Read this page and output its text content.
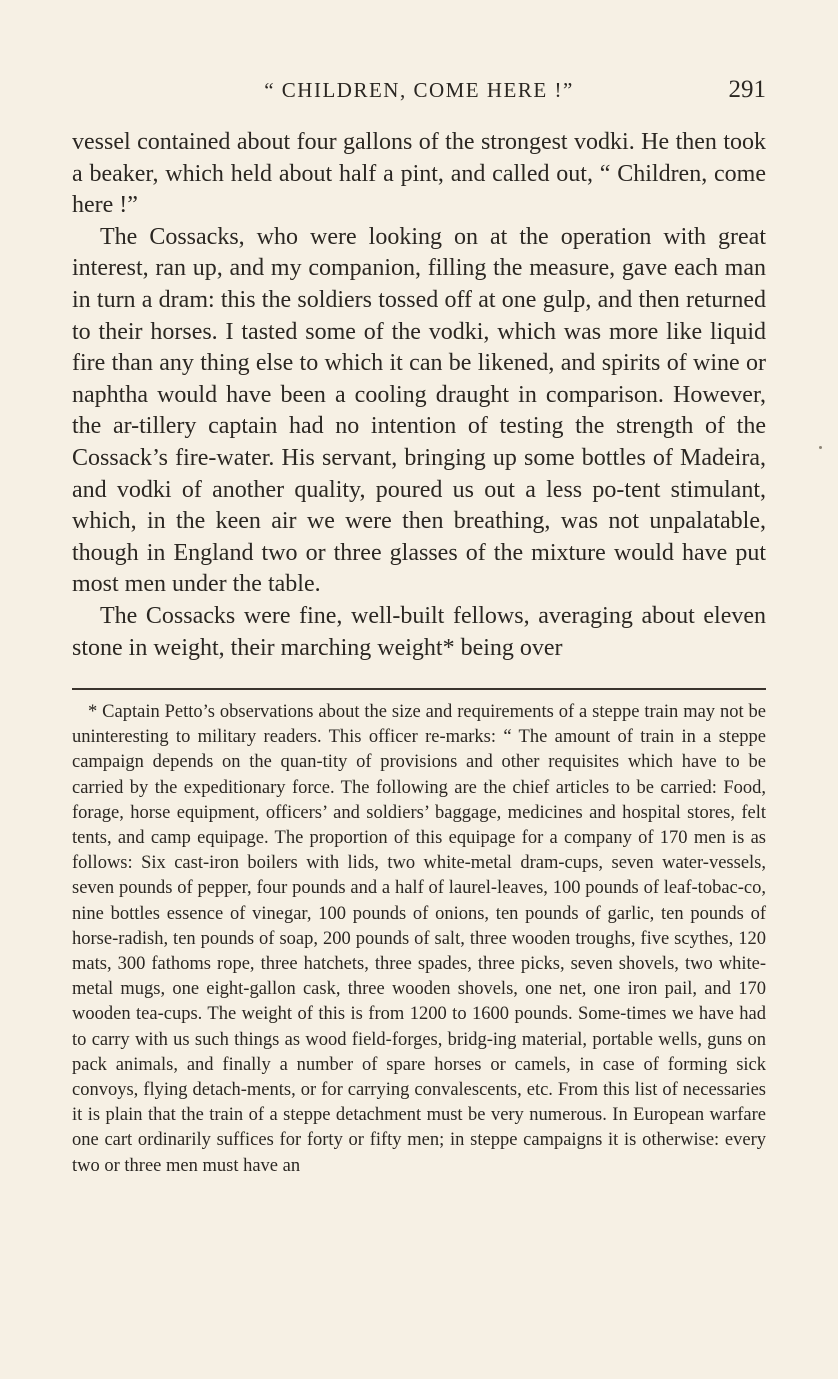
“ CHILDREN, COME HERE !”	291

vessel contained about four gallons of the strongest vodki. He then took a beaker, which held about half a pint, and called out, “ Children, come here !”

The Cossacks, who were looking on at the operation with great interest, ran up, and my companion, filling the measure, gave each man in turn a dram: this the soldiers tossed off at one gulp, and then returned to their horses. I tasted some of the vodki, which was more like liquid fire than any thing else to which it can be likened, and spirits of wine or naphtha would have been a cooling draught in comparison. However, the ar-tillery captain had no intention of testing the strength of the Cossack’s fire-water. His servant, bringing up some bottles of Madeira, and vodki of another quality, poured us out a less po-tent stimulant, which, in the keen air we were then breathing, was not unpalatable, though in England two or three glasses of the mixture would have put most men under the table.

The Cossacks were fine, well-built fellows, averaging about eleven stone in weight, their marching weight* being over

* Captain Petto’s observations about the size and requirements of a steppe train may not be uninteresting to military readers. This officer re-marks: “ The amount of train in a steppe campaign depends on the quan-tity of provisions and other requisites which have to be carried by the expeditionary force. The following are the chief articles to be carried: Food, forage, horse equipment, officers’ and soldiers’ baggage, medicines and hospital stores, felt tents, and camp equipage. The proportion of this equipage for a company of 170 men is as follows: Six cast-iron boilers with lids, two white-metal dram-cups, seven water-vessels, seven pounds of pepper, four pounds and a half of laurel-leaves, 100 pounds of leaf-tobac-co, nine bottles essence of vinegar, 100 pounds of onions, ten pounds of garlic, ten pounds of horse-radish, ten pounds of soap, 200 pounds of salt, three wooden troughs, five scythes, 120 mats, 300 fathoms rope, three hatchets, three spades, three picks, seven shovels, two white-metal mugs, one eight-gallon cask, three wooden shovels, one net, one iron pail, and 170 wooden tea-cups. The weight of this is from 1200 to 1600 pounds. Some-times we have had to carry with us such things as wood field-forges, bridg-ing material, portable wells, guns on pack animals, and finally a number of spare horses or camels, in case of forming sick convoys, flying detach-ments, or for carrying convalescents, etc. From this list of necessaries it is plain that the train of a steppe detachment must be very numerous. In European warfare one cart ordinarily suffices for forty or fifty men; in steppe campaigns it is otherwise: every two or three men must have an
